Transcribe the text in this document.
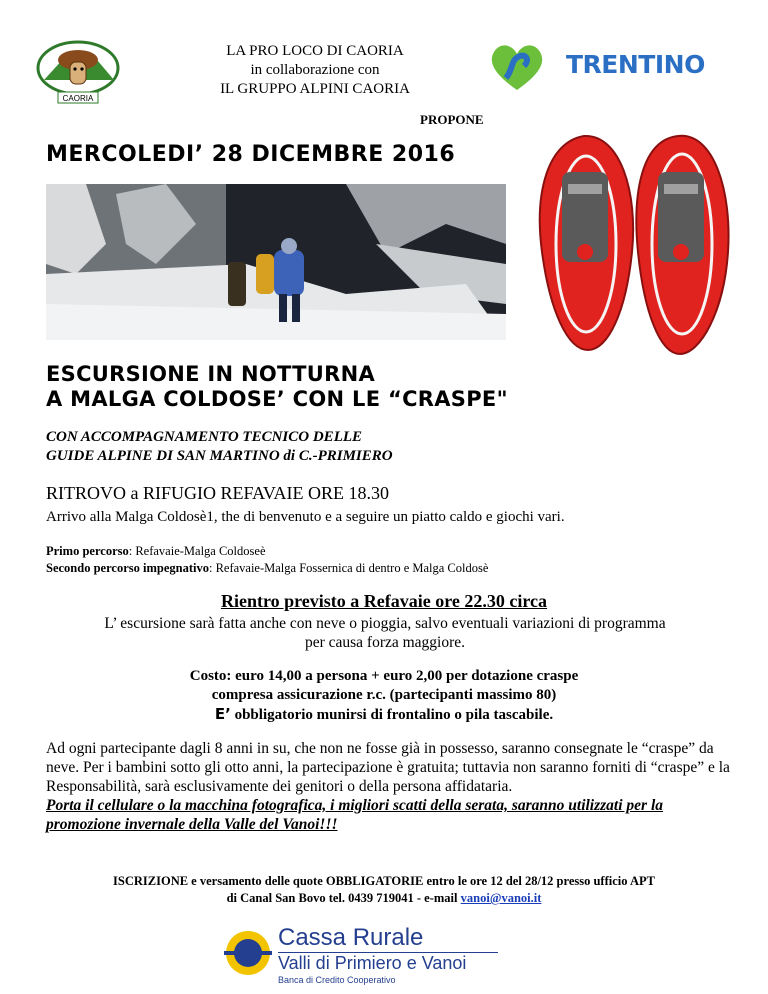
CAORIA
LA PRO LOCO DI CAORIA
in collaborazione con
IL GRUPPO ALPINI CAORIA
TRENTINO
PROPONE
MERCOLEDI’ 28 DICEMBRE 2016
ESCURSIONE IN NOTTURNA
A MALGA COLDOSE’ CON LE “CRASPE"
CON ACCOMPAGNAMENTO TECNICO DELLE
GUIDE ALPINE DI SAN MARTINO di C.-PRIMIERO
RITROVO a RIFUGIO REFAVAIE ORE 18.30
Arrivo alla Malga Coldosè1, the di benvenuto e a seguire un piatto caldo e giochi vari.
Primo percorso: Refavaie-Malga Coldoseè
Secondo percorso impegnativo: Refavaie-Malga Fossernica di dentro e Malga Coldosè
Rientro previsto a Refavaie ore 22.30 circa
L’ escursione sarà fatta anche con neve o pioggia, salvo eventuali variazioni di programma
per causa forza maggiore.
Costo: euro 14,00 a persona + euro 2,00 per dotazione craspe
compresa assicurazione r.c. (partecipanti massimo 80)
E’ obbligatorio munirsi di frontalino o pila tascabile.
Ad ogni partecipante dagli 8 anni in su, che non ne fosse già in possesso, saranno consegnate le “craspe” da neve. Per i bambini sotto gli otto anni, la partecipazione è gratuita; tuttavia non saranno forniti di “craspe” e la Responsabilità, sarà esclusivamente dei genitori o della persona affidataria.
Porta il cellulare o la macchina fotografica, i migliori scatti della serata, saranno utilizzati per la promozione invernale della Valle del Vanoi!!!
ISCRIZIONE e versamento delle quote OBBLIGATORIE entro le ore 12 del 28/12 presso ufficio APT
di Canal San Bovo tel. 0439 719041 - e-mail vanoi@vanoi.it
Cassa Rurale
Valli di Primiero e Vanoi
Banca di Credito Cooperativo
